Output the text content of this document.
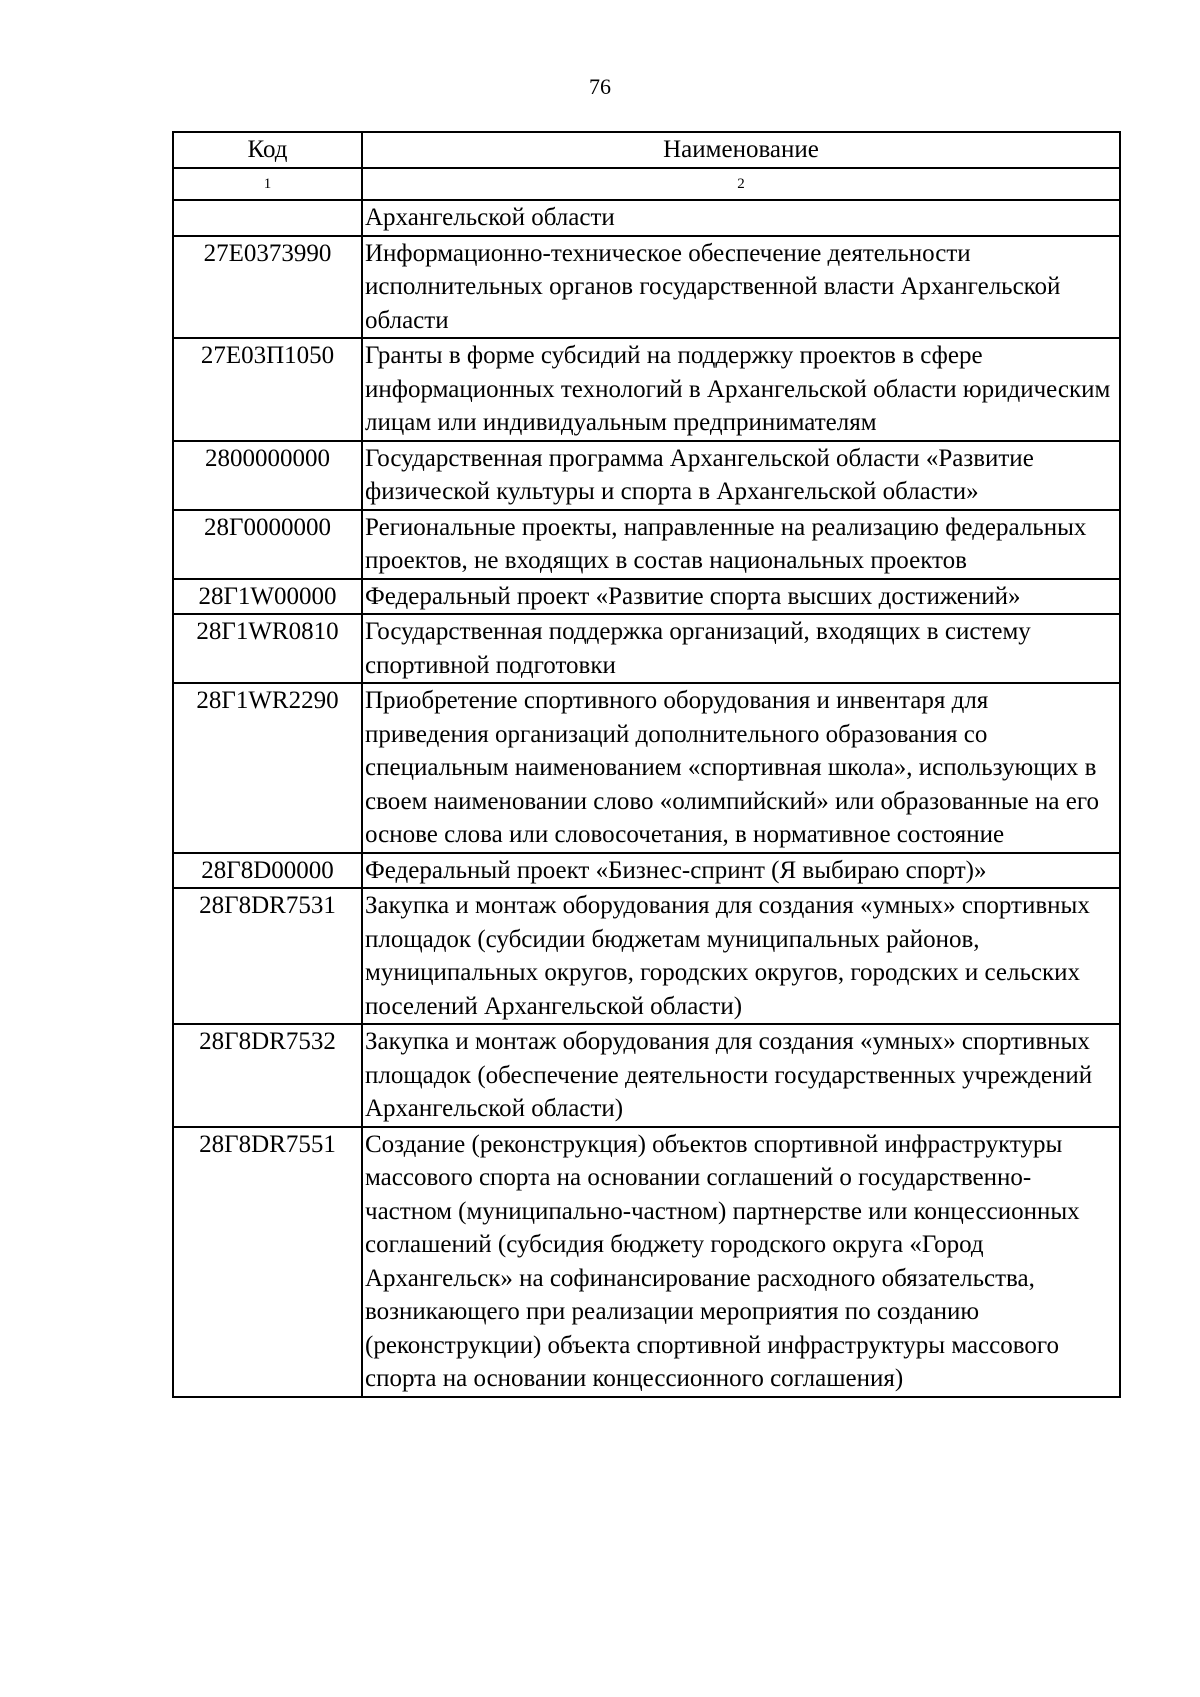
76
Код	Наименование
1	2
	Архангельской области
27Е0373990	Информационно-техническое обеспечение деятельности исполнительных органов государственной власти Архангельской области
27Е03П1050	Гранты в форме субсидий на поддержку проектов в сфере информационных технологий в Архангельской области юридическим лицам или индивидуальным предпринимателям
2800000000	Государственная программа Архангельской области «Развитие физической культуры и спорта в Архангельской области»
28Г0000000	Региональные проекты, направленные на реализацию федеральных проектов, не входящих в состав национальных проектов
28Г1W00000	Федеральный проект «Развитие спорта высших достижений»
28Г1WR0810	Государственная поддержка организаций, входящих в систему спортивной подготовки
28Г1WR2290	Приобретение спортивного оборудования и инвентаря для приведения организаций дополнительного образования со специальным наименованием «спортивная школа», использующих в своем наименовании слово «олимпийский» или образованные на его основе слова или словосочетания, в нормативное состояние
28Г8D00000	Федеральный проект «Бизнес-спринт (Я выбираю спорт)»
28Г8DR7531	Закупка и монтаж оборудования для создания «умных» спортивных площадок (субсидии бюджетам муниципальных районов, муниципальных округов, городских округов, городских и сельских поселений Архангельской области)
28Г8DR7532	Закупка и монтаж оборудования для создания «умных» спортивных площадок (обеспечение деятельности государственных учреждений Архангельской области)
28Г8DR7551	Создание (реконструкция) объектов спортивной инфраструктуры массового спорта на основании соглашений о государственно-частном (муниципально-частном) партнерстве или концессионных соглашений (субсидия бюджету городского округа «Город Архангельск» на софинансирование расходного обязательства, возникающего при реализации мероприятия по созданию (реконструкции) объекта спортивной инфраструктуры массового спорта на основании концессионного соглашения)
